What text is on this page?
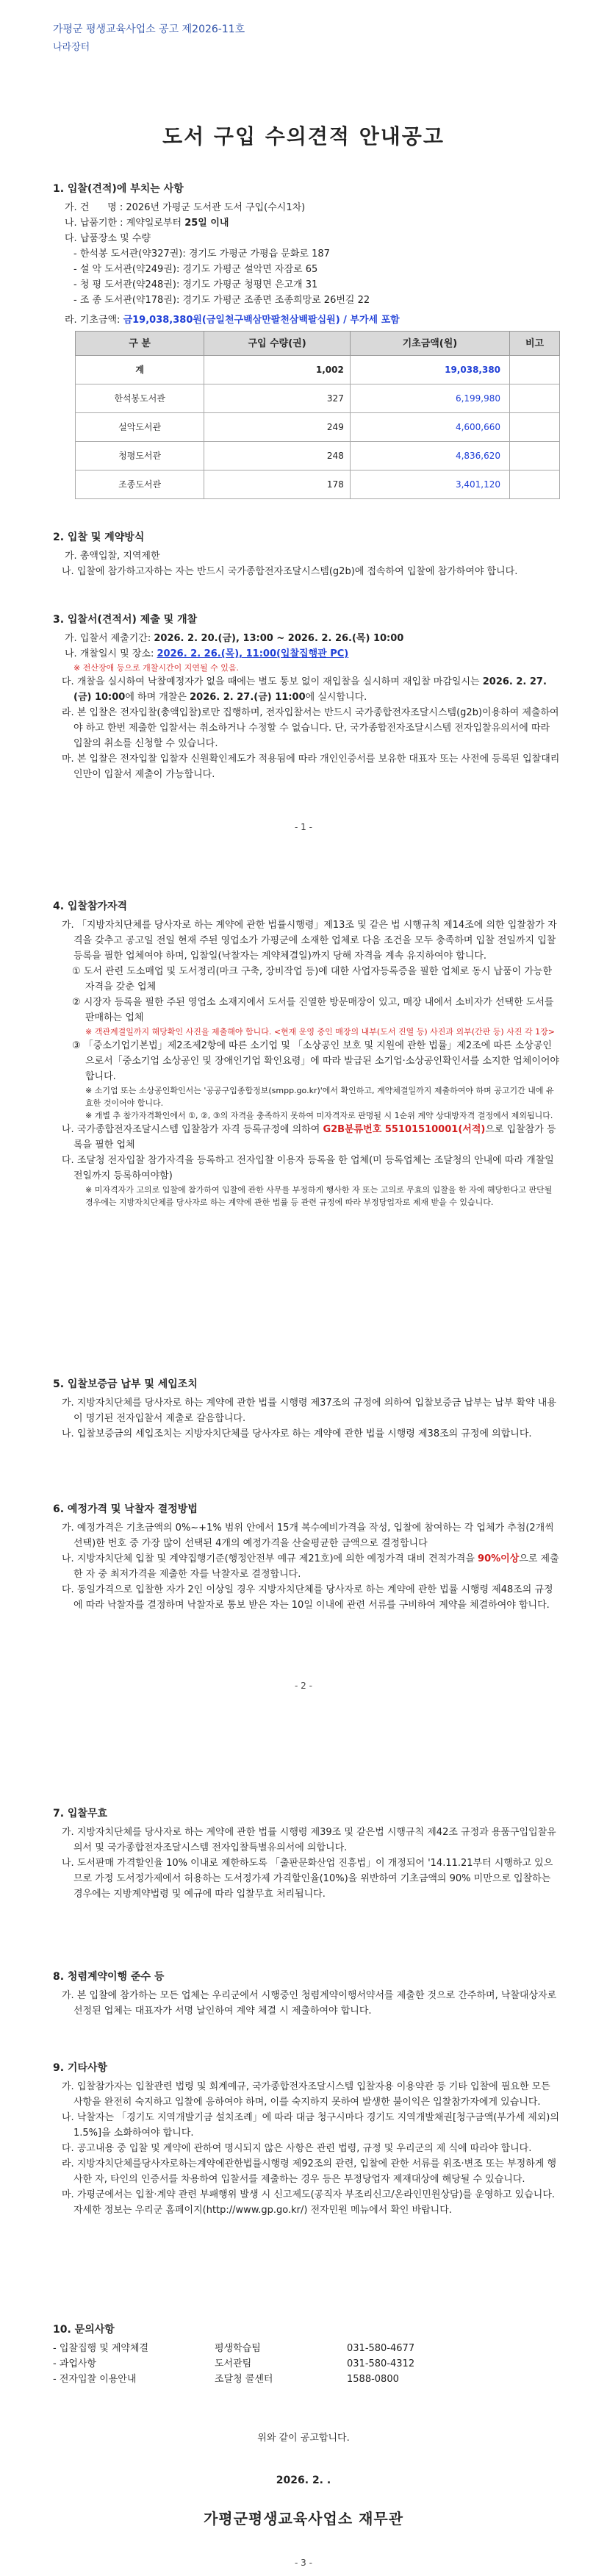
가평군 평생교육사업소 공고 제2026-11호
나라장터
도서 구입 수의견적 안내공고
1. 입찰(견적)에 부치는 사항
가. 건      명 : 2026년 가평군 도서관 도서 구입(수시1차)
나. 납품기한 : 계약일로부터 25일 이내
다. 납품장소 및 수량
- 한석봉 도서관(약327권): 경기도 가평군 가평읍 문화로 187
- 설 악 도서관(약249권): 경기도 가평군 설악면 자잠로 65
- 청 평 도서관(약248권): 경기도 가평군 청평면 은고개 31
- 조 종 도서관(약178권): 경기도 가평군 조종면 조종희망로 26번길 22
라. 기초금액: 금19,038,380원(금일천구백삼만팔천삼백팔십원) / 부가세 포함
구 분	구입 수량(권)	기초금액(원)	비고
계	1,002	19,038,380	
한석봉도서관	327	6,199,980	
설악도서관	249	4,600,660	
청평도서관	248	4,836,620	
조종도서관	178	3,401,120	
2. 입찰 및 계약방식
가. 총액입찰, 지역제한
나. 입찰에 참가하고자하는 자는 반드시 국가종합전자조달시스템(g2b)에 접속하여 입찰에 참가하여야 합니다.
3. 입찰서(견적서) 제출 및 개찰
가. 입찰서 제출기간: 2026. 2. 20.(금), 13:00 ~ 2026. 2. 26.(목) 10:00
나. 개찰일시 및 장소: 2026. 2. 26.(목), 11:00(입찰집행관 PC)
※ 전산장애 등으로 개찰시간이 지연될 수 있음.
다. 개찰을 실시하여 낙찰예정자가 없을 때에는 별도 통보 없이 재입찰을 실시하며 재입찰 마감일시는 2026. 2. 27.(금) 10:00에 하며 개찰은 2026. 2. 27.(금) 11:00에 실시합니다.
라. 본 입찰은 전자입찰(총액입찰)로만 집행하며, 전자입찰서는 반드시 국가종합전자조달시스템(g2b)이용하여 제출하여야 하고 한번 제출한 입찰서는 취소하거나 수정할 수 없습니다. 단, 국가종합전자조달시스템 전자입찰유의서에 따라 입찰의 취소를 신청할 수 있습니다.
마. 본 입찰은 전자입찰 입찰자 신원확인제도가 적용됨에 따라 개인인증서를 보유한 대표자 또는 사전에 등록된 입찰대리인만이 입찰서 제출이 가능합니다.
- 1 -
4. 입찰참가자격
가. 「지방자치단체를 당사자로 하는 계약에 관한 법률시행령」제13조 및 같은 법 시행규칙 제14조에 의한 입찰참가 자격을 갖추고 공고일 전일 현재 주된 영업소가 가평군에 소재한 업체로 다음 조건을 모두 충족하며 입찰 전일까지 입찰 등록을 필한 업체여야 하며, 입찰일(낙찰자는 계약체결일)까지 당해 자격을 계속 유지하여야 합니다.
① 도서 관련 도소매업 및 도서정리(마크 구축, 장비작업 등)에 대한 사업자등록증을 필한 업체로 동시 납품이 가능한 자격을 갖춘 업체
② 시장자 등록을 필한 주된 영업소 소재지에서 도서를 진열한 방문매장이 있고, 매장 내에서 소비자가 선택한 도서를 판매하는 업체
※ 객관계결일까지 해당확인 사진을 제출해야 합니다. <현재 운영 중인 매장의 내부(도서 진열 등) 사진과 외부(간판 등) 사진 각 1장>
③ 「중소기업기본법」제2조제2항에 따른 소기업 및 「소상공인 보호 및 지원에 관한 법률」제2조에 따른 소상공인으로서「중소기업 소상공인 및 장애인기업 확인요령」에 따라 발급된 소기업·소상공인확인서를 소지한 업체이어야 합니다.
※ 소기업 또는 소상공인확인서는 '공공구입종합정보(smpp.go.kr)'에서 확인하고, 계약체결일까지 제출하여야 하며 공고기간 내에 유효한 것이어야 합니다.
※ 개별 추 참가자격확인에서 ①, ②, ③의 자격을 충족하지 못하여 미자격자로 판명될 시 1순위 계약 상대방자격 결정에서 제외됩니다.
나. 국가종합전자조달시스템 입찰참가 자격 등록규정에 의하여 G2B분류번호 55101510001(서적)으로 입찰참가 등록을 필한 업체
다. 조달청 전자입찰 참가자격을 등록하고 전자입찰 이용자 등록을 한 업체(미 등록업체는 조달청의 안내에 따라 개찰일 전일까지 등록하여야함)
※ 미자격자가 고의로 입찰에 참가하여 입찰에 관한 사무를 부정하게 행사한 자 또는 고의로 무효의 입찰을 한 자에 해당한다고 판단될 경우에는 지방자치단체를 당사자로 하는 계약에 관한 법률 등 관련 규정에 따라 부정당업자로 제재 받을 수 있습니다.
5. 입찰보증금 납부 및 세입조치
가. 지방자치단체를 당사자로 하는 계약에 관한 법률 시행령 제37조의 규정에 의하여 입찰보증금 납부는 납부 확약 내용이 명기된 전자입찰서 제출로 갈음합니다.
나. 입찰보증금의 세입조치는 지방자치단체를 당사자로 하는 계약에 관한 법률 시행령 제38조의 규정에 의합니다.
6. 예정가격 및 낙찰자 결정방법
가. 예정가격은 기초금액의 0%~+1% 범위 안에서 15개 복수예비가격을 작성, 입찰에 참여하는 각 업체가 추첨(2개씩 선택)한 번호 중 가장 많이 선택된 4개의 예정가격을 산술평균한 금액으로 결정합니다
나. 지방자치단체 입찰 및 계약집행기준(행정안전부 예규 제21호)에 의한 예정가격 대비 견적가격을 90%이상으로 제출한 자 중 최저가격을 제출한 자를 낙찰자로 결정합니다.
다. 동일가격으로 입찰한 자가 2인 이상일 경우 지방자치단체를 당사자로 하는 계약에 관한 법률 시행령 제48조의 규정에 따라 낙찰자를 결정하며 낙찰자로 통보 받은 자는 10일 이내에 관련 서류를 구비하여 계약을 체결하여야 합니다.
- 2 -
7. 입찰무효
가. 지방자치단체를 당사자로 하는 계약에 관한 법률 시행령 제39조 및 같은법 시행규칙 제42조 규정과 용품구입입찰유의서 및 국가종합전자조달시스템 전자입찰특별유의서에 의합니다.
나. 도서판매 가격할인율 10% 이내로 제한하도록 「출판문화산업 진흥법」이 개정되어 '14.11.21부터 시행하고 있으므로 가정 도서정가제에서 허용하는 도서정가제 가격할인율(10%)을 위반하여 기초금액의 90% 미만으로 입찰하는 경우에는 지방계약법령 및 예규에 따라 입찰무효 처리됩니다.
8. 청렴계약이행 준수 등
가. 본 입찰에 참가하는 모든 업체는 우리군에서 시행중인 청렴계약이행서약서를 제출한 것으로 간주하며, 낙찰대상자로 선정된 업체는 대표자가 서명 날인하여 계약 체결 시 제출하여야 합니다.
9. 기타사항
가. 입찰참가자는 입찰관련 법령 및 회계예규, 국가종합전자조달시스템 입찰자용 이용약관 등 기타 입찰에 필요한 모든 사항을 완전히 숙지하고 입찰에 응하여야 하며, 이를 숙지하지 못하여 발생한 불이익은 입찰참가자에게 있습니다.
나. 낙찰자는 「경기도 지역개발기금 설치조례」에 따라 대금 청구시마다 경기도 지역개발채권[청구금액(부가세 제외)의 1.5%]을 소화하여야 합니다.
다. 공고내용 중 입찰 및 계약에 관하여 명시되지 않은 사항은 관련 법령, 규정 및 우리군의 제 식에 따라야 합니다.
라. 지방자치단체를당사자로하는계약에관한법률시행령 제92조의 관련, 입찰에 관한 서류를 위조·변조 또는 부정하게 행사한 자, 타인의 인증서를 차용하여 입찰서를 제출하는 경우 등은 부정당업자 제재대상에 해당될 수 있습니다.
마. 가평군에서는 입찰·계약 관련 부패행위 발생 시 신고제도(공직자 부조리신고/온라인민원상담)를 운영하고 있습니다. 자세한 정보는 우리군 홈페이지(http://www.gp.go.kr/) 전자민원 메뉴에서 확인 바랍니다.
10. 문의사항
- 입찰집행 및 계약체결	평생학습팀	031-580-4677
- 과업사항	도서관팀	031-580-4312
- 전자입찰 이용안내	조달청 콜센터	1588-0800
위와 같이 공고합니다.
2026. 2. .
가평군평생교육사업소 재무관
- 3 -
